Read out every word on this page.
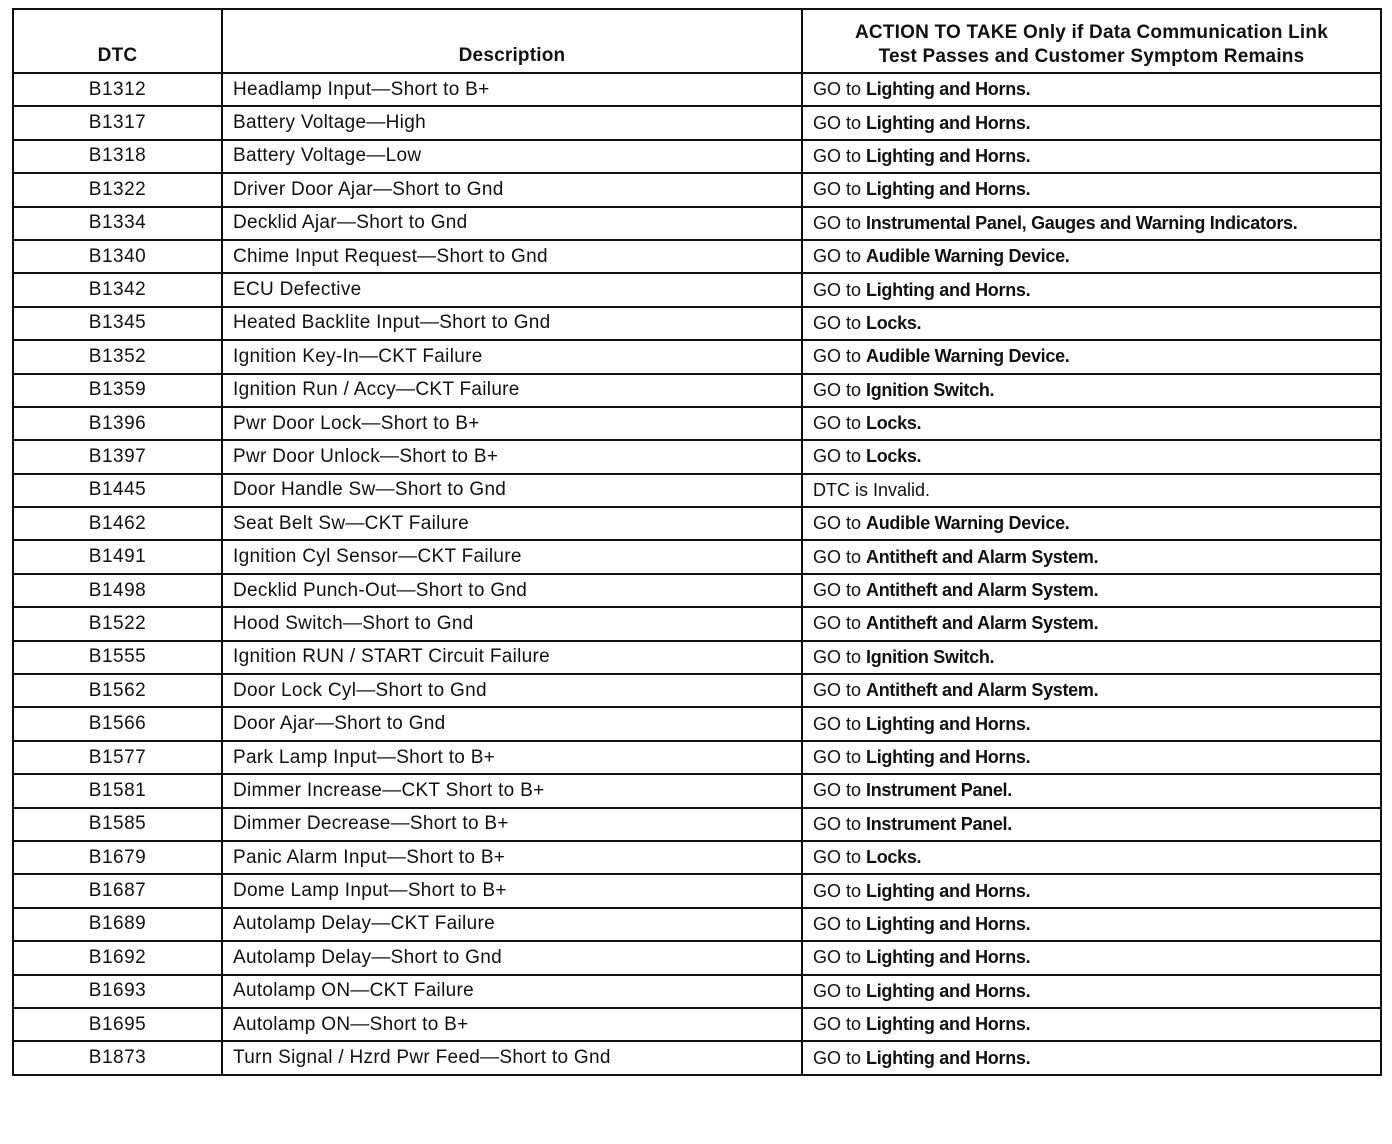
DTC	Description	ACTION TO TAKE Only if Data Communication Link
Test Passes and Customer Symptom Remains
B1312	Headlamp Input—Short to B+	GO to Lighting and Horns.
B1317	Battery Voltage—High	GO to Lighting and Horns.
B1318	Battery Voltage—Low	GO to Lighting and Horns.
B1322	Driver Door Ajar—Short to Gnd	GO to Lighting and Horns.
B1334	Decklid Ajar—Short to Gnd	GO to Instrumental Panel, Gauges and Warning Indicators.
B1340	Chime Input Request—Short to Gnd	GO to Audible Warning Device.
B1342	ECU Defective	GO to Lighting and Horns.
B1345	Heated Backlite Input—Short to Gnd	GO to Locks.
B1352	Ignition Key-In—CKT Failure	GO to Audible Warning Device.
B1359	Ignition Run / Accy—CKT Failure	GO to Ignition Switch.
B1396	Pwr Door Lock—Short to B+	GO to Locks.
B1397	Pwr Door Unlock—Short to B+	GO to Locks.
B1445	Door Handle Sw—Short to Gnd	DTC is Invalid.
B1462	Seat Belt Sw—CKT Failure	GO to Audible Warning Device.
B1491	Ignition Cyl Sensor—CKT Failure	GO to Antitheft and Alarm System.
B1498	Decklid Punch-Out—Short to Gnd	GO to Antitheft and Alarm System.
B1522	Hood Switch—Short to Gnd	GO to Antitheft and Alarm System.
B1555	Ignition RUN / START Circuit Failure	GO to Ignition Switch.
B1562	Door Lock Cyl—Short to Gnd	GO to Antitheft and Alarm System.
B1566	Door Ajar—Short to Gnd	GO to Lighting and Horns.
B1577	Park Lamp Input—Short to B+	GO to Lighting and Horns.
B1581	Dimmer Increase—CKT Short to B+	GO to Instrument Panel.
B1585	Dimmer Decrease—Short to B+	GO to Instrument Panel.
B1679	Panic Alarm Input—Short to B+	GO to Locks.
B1687	Dome Lamp Input—Short to B+	GO to Lighting and Horns.
B1689	Autolamp Delay—CKT Failure	GO to Lighting and Horns.
B1692	Autolamp Delay—Short to Gnd	GO to Lighting and Horns.
B1693	Autolamp ON—CKT Failure	GO to Lighting and Horns.
B1695	Autolamp ON—Short to B+	GO to Lighting and Horns.
B1873	Turn Signal / Hzrd Pwr Feed—Short to Gnd	GO to Lighting and Horns.
